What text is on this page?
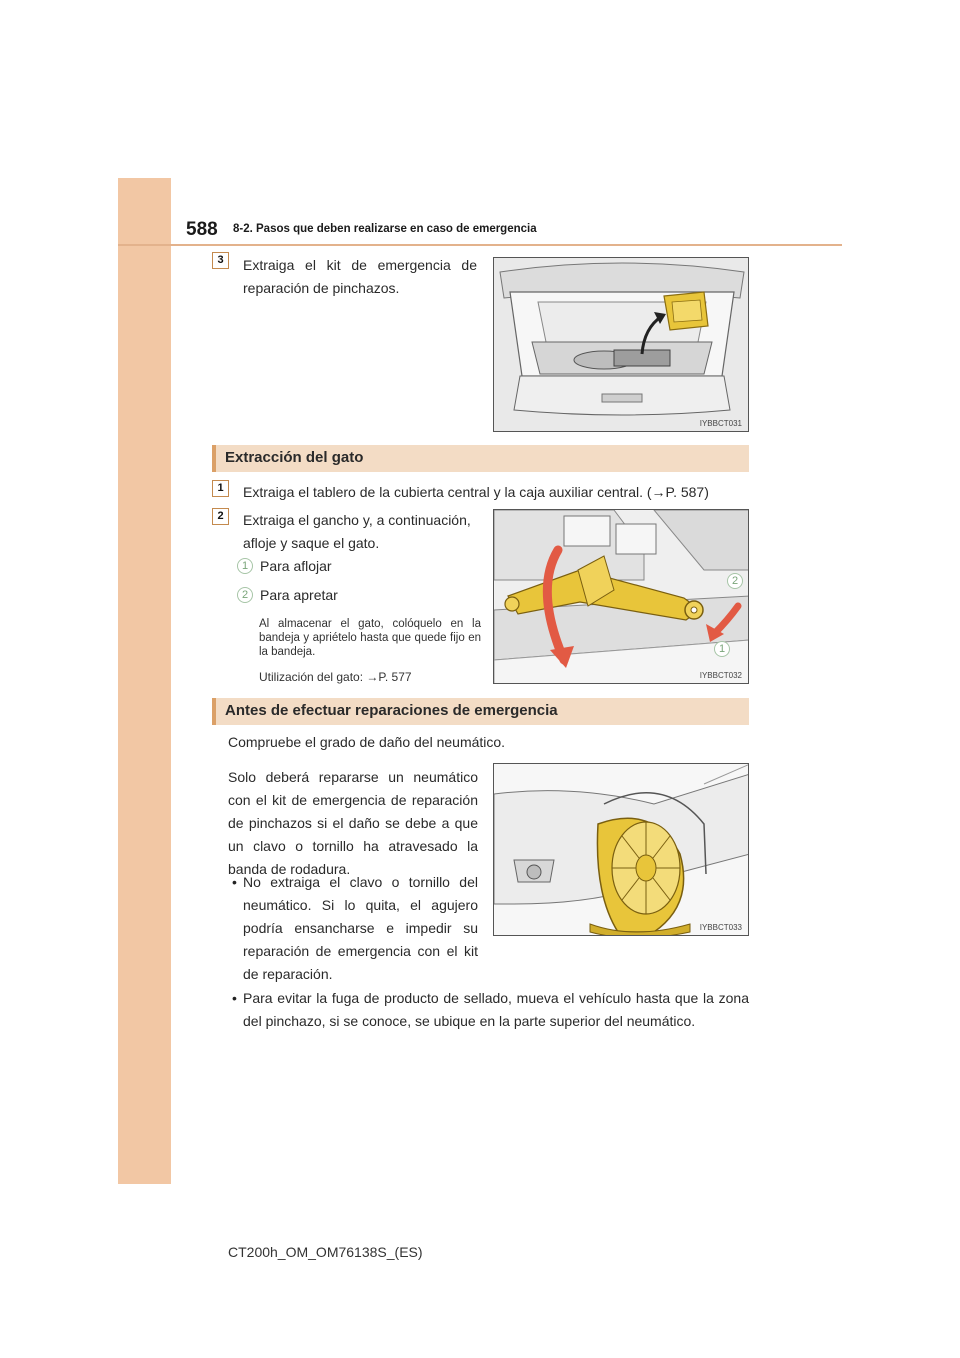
588 8-2. Pasos que deben realizarse en caso de emergencia
3	Extraiga el kit de emergencia de reparación de pinchazos.
IYBBCT031
Extracción del gato
1	Extraiga el tablero de la cubierta central y la caja auxiliar central. (→P. 587)
2	Extraiga el gancho y, a continuación, afloje y saque el gato.
1 Para aflojar
2 Para apretar
Al almacenar el gato, colóquelo en la bandeja y apriételo hasta que quede fijo en la bandeja.
Utilización del gato: →P. 577
2
1
IYBBCT032
Antes de efectuar reparaciones de emergencia
Compruebe el grado de daño del neumático.
Solo deberá repararse un neumático con el kit de emergencia de reparación de pinchazos si el daño se debe a que un clavo o tornillo ha atravesado la banda de rodadura.
• No extraiga el clavo o tornillo del neumático. Si lo quita, el agujero podría ensancharse e impedir su reparación de emergencia con el kit de reparación.
• Para evitar la fuga de producto de sellado, mueva el vehículo hasta que la zona del pinchazo, si se conoce, se ubique en la parte superior del neumático.
IYBBCT033
CT200h_OM_OM76138S_(ES)
